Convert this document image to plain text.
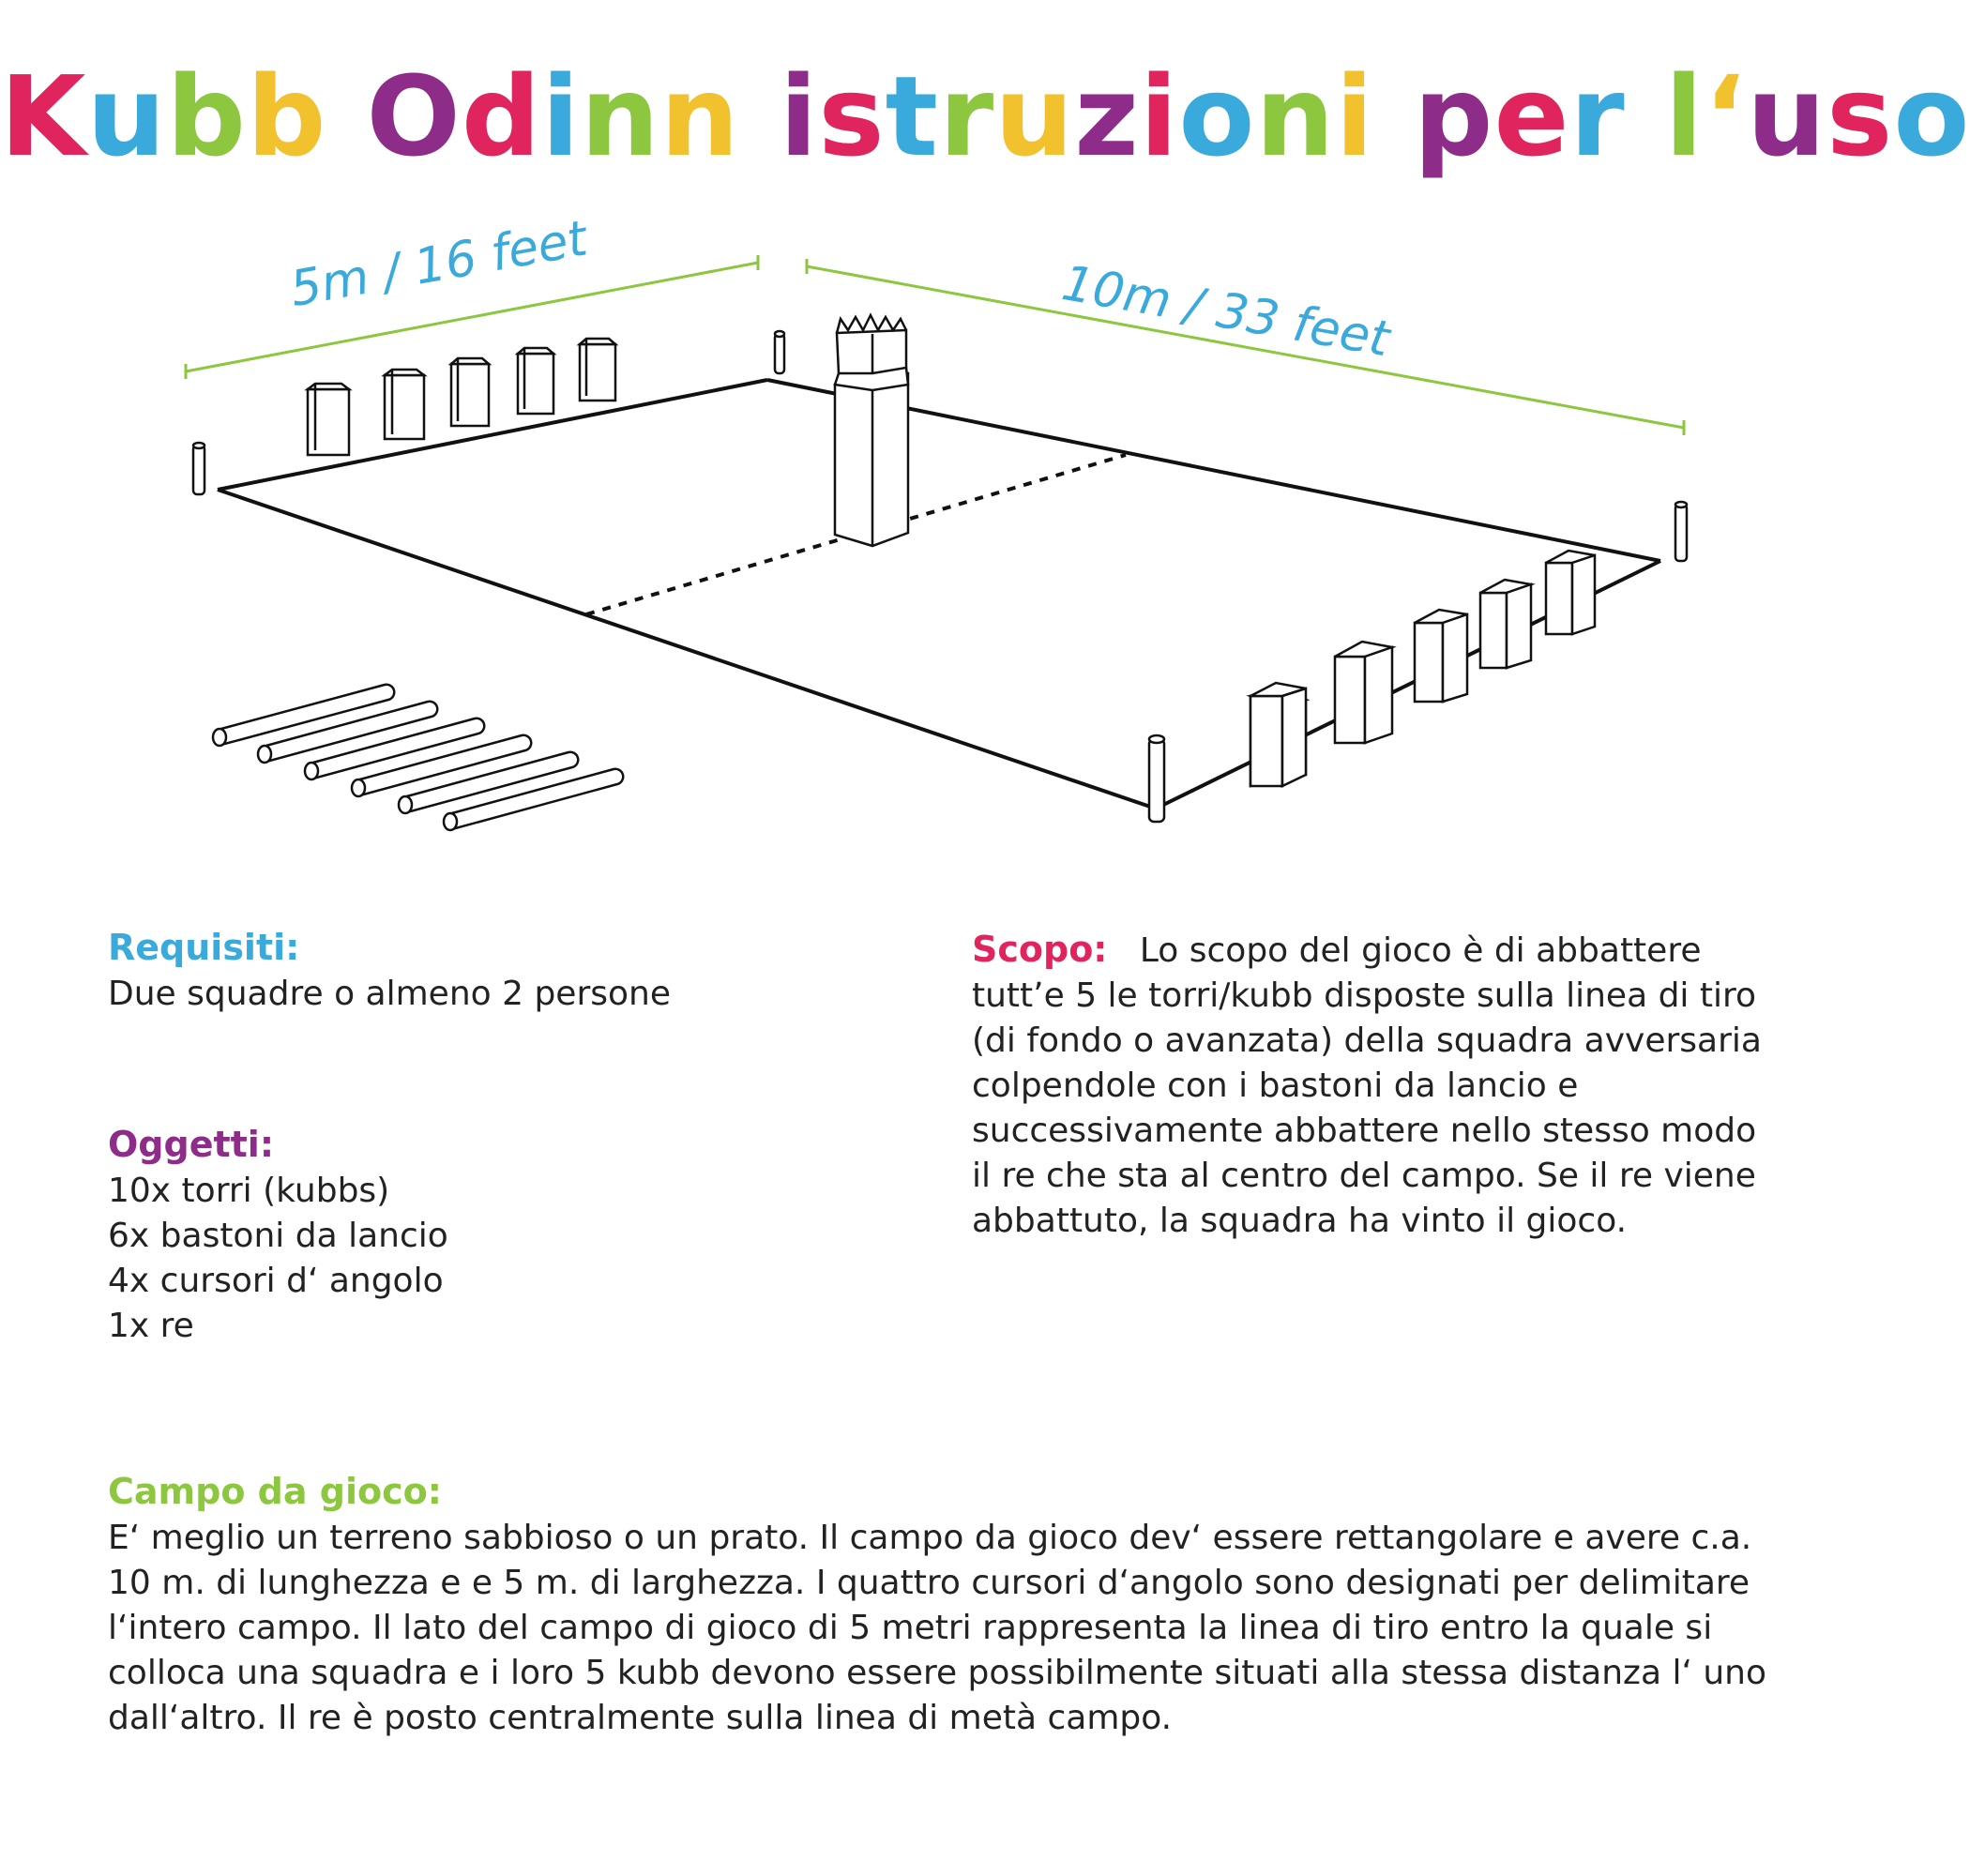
Kubb Odinn istruzioni per l‘uso
5m / 16 feet	10m / 33 feet

Requisiti:

Due squadre o almeno 2 persone

Oggetti:

10x torri (kubbs)
6x bastoni da lancio
4x cursori d‘ angolo
1x re

Scopo: Lo scopo del gioco è di abbattere tutt’e 5 le torri/kubb disposte sulla linea di tiro (di fondo o avanzata) della squadra avversaria colpendole con i bastoni da lancio e successivamente abbattere nello stesso modo il re che sta al centro del campo. Se il re viene abbattuto, la squadra ha vinto il gioco.

Campo da gioco:

E‘ meglio un terreno sabbioso o un prato. Il campo da gioco dev‘ essere rettangolare e avere c.a. 10 m. di lunghezza e e 5 m. di larghezza. I quattro cursori d‘angolo sono designati per delimitare l‘intero campo. Il lato del campo di gioco di 5 metri rappresenta la linea di tiro entro la quale si colloca una squadra e i loro 5 kubb devono essere possibilmente situati alla stessa distanza l‘ uno dall‘altro. Il re è posto centralmente sulla linea di metà campo.
